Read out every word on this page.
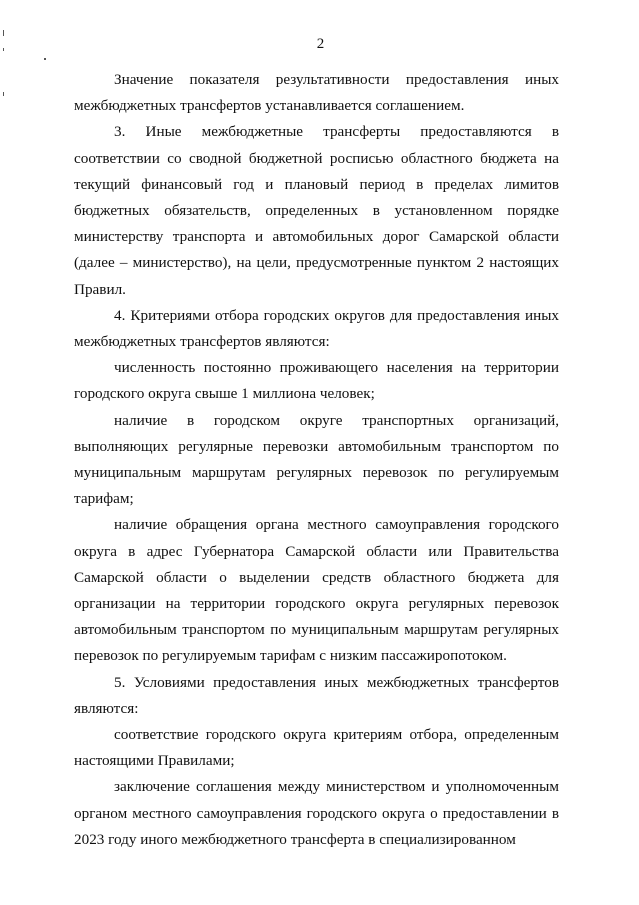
2

Значение показателя результативности предоставления иных межбюджетных трансфертов устанавливается соглашением.

3. Иные межбюджетные трансферты предоставляются в соответствии со сводной бюджетной росписью областного бюджета на текущий финансовый год и плановый период в пределах лимитов бюджетных обязательств, определенных в установленном порядке министерству транспорта и автомобильных дорог Самарской области (далее – министерство), на цели, предусмотренные пунктом 2 настоящих Правил.

4. Критериями отбора городских округов для предоставления иных межбюджетных трансфертов являются:

численность постоянно проживающего населения на территории городского округа свыше 1 миллиона человек;

наличие в городском округе транспортных организаций, выполняющих регулярные перевозки автомобильным транспортом по муниципальным маршрутам регулярных перевозок по регулируемым тарифам;

наличие обращения органа местного самоуправления городского округа в адрес Губернатора Самарской области или Правительства Самарской области о выделении средств областного бюджета для организации на территории городского округа регулярных перевозок автомобильным транспортом по муниципальным маршрутам регулярных перевозок по регулируемым тарифам с низким пассажиропотоком.

5. Условиями предоставления иных межбюджетных трансфертов являются:

соответствие городского округа критериям отбора, определенным настоящими Правилами;

заключение соглашения между министерством и уполномоченным органом местного самоуправления городского округа о предоставлении в 2023 году иного межбюджетного трансферта в специализированном
